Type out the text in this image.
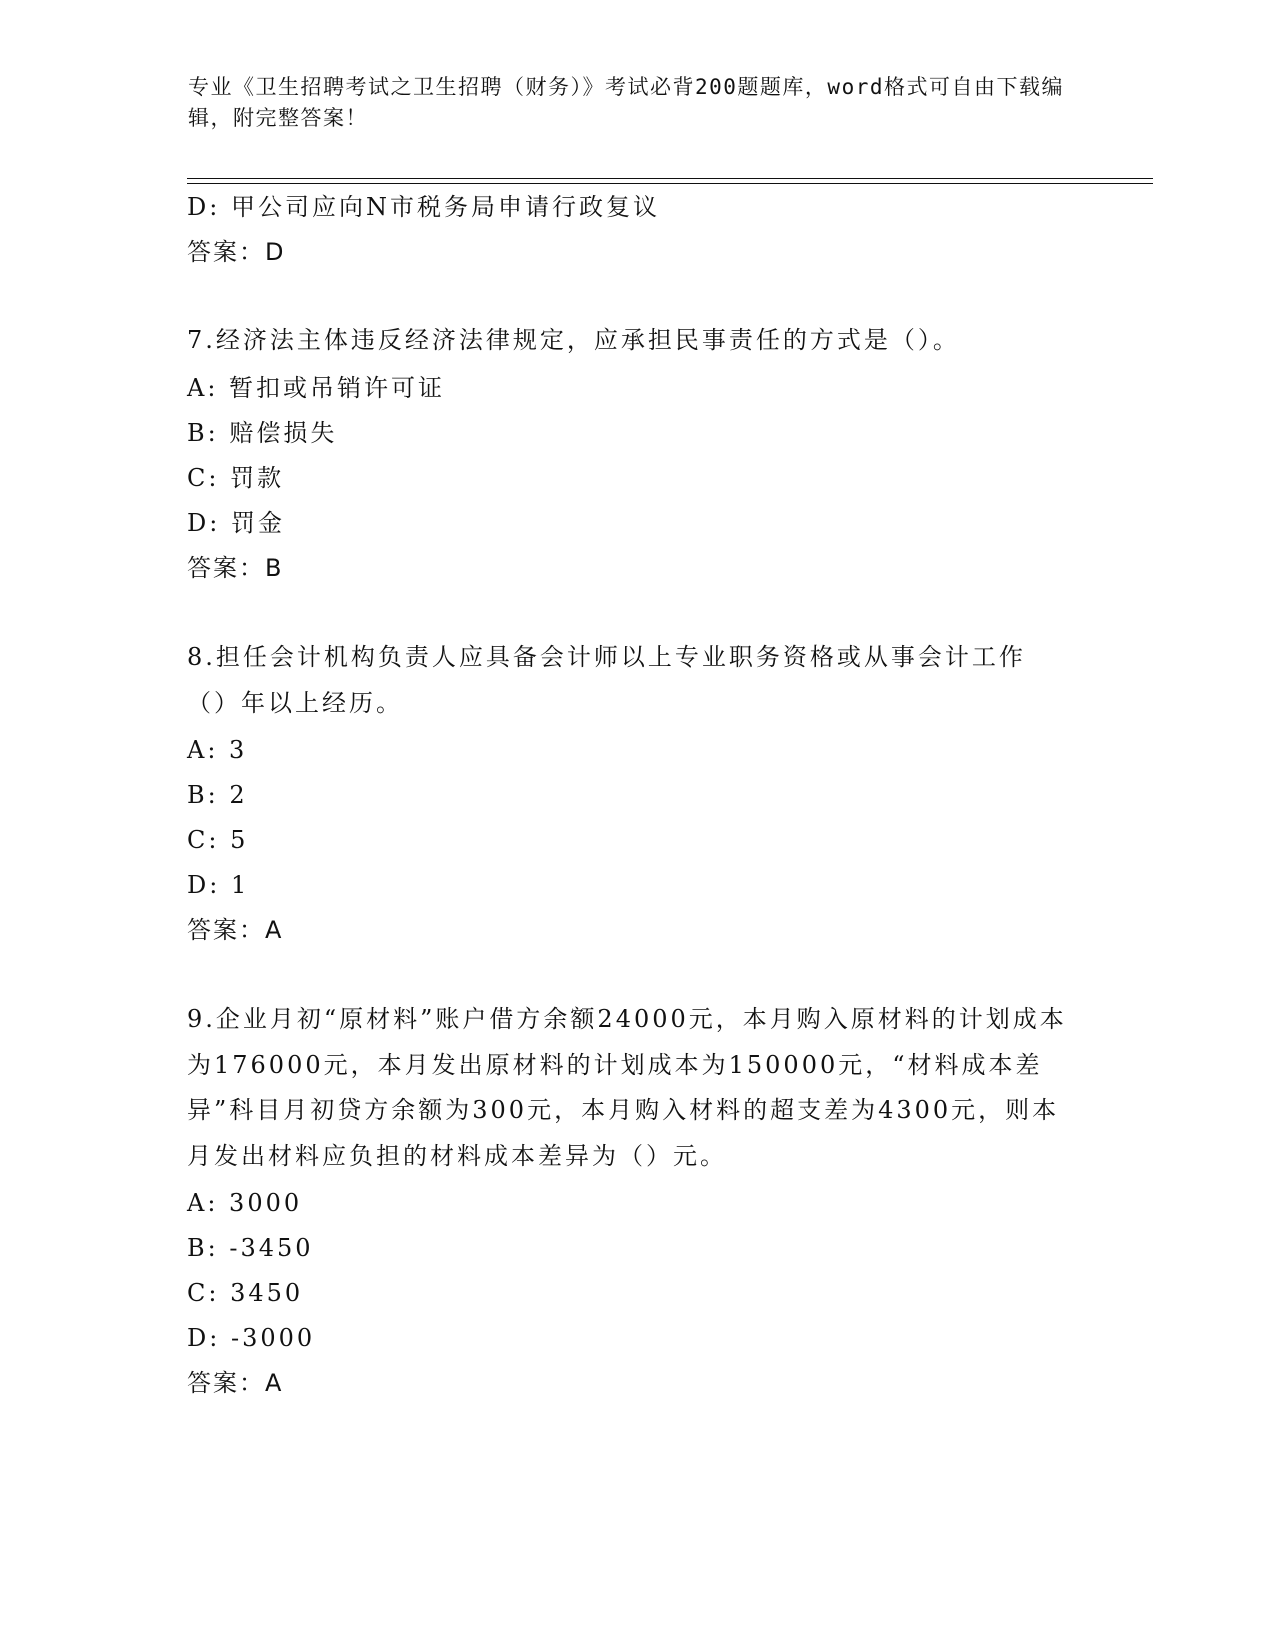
专业《卫生招聘考试之卫生招聘（财务）》考试必背200题题库，word格式可自由下载编辑，附完整答案！
D: 甲公司应向N市税务局申请行政复议
答案：D
7.经济法主体违反经济法律规定，应承担民事责任的方式是（）。
A: 暂扣或吊销许可证
B: 赔偿损失
C: 罚款
D: 罚金
答案：B
8.担任会计机构负责人应具备会计师以上专业职务资格或从事会计工作（）年以上经历。
A: 3
B: 2
C: 5
D: 1
答案：A
9.企业月初“原材料”账户借方余额24000元，本月购入原材料的计划成本为176000元，本月发出原材料的计划成本为150000元，“材料成本差异”科目月初贷方余额为300元，本月购入材料的超支差为4300元，则本月发出材料应负担的材料成本差异为（）元。
A: 3000
B: -3450
C: 3450
D: -3000
答案：A
